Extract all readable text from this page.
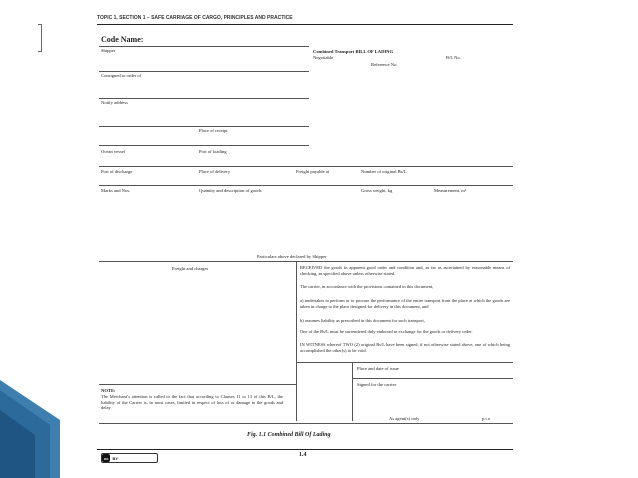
TOPIC 1, SECTION 1 – SAFE CARRIAGE OF CARGO, PRINCIPLES AND PRACTICE
Code Name:
Shipper	Combined Transport BILL OF LADING
Negotiable	B/L No.
Reference No.
Consigned to order of
Notify address
Place of receipt
Ocean vessel	Port of loading
Port of discharge	Place of delivery	Freight payable at	Number of original Bs/L
Marks and Nos.	Quantity and description of goods	Gross weight, kg	Measurement, m³
Particulars above declared by Shipper
Freight and charges	RECEIVED the goods in apparent good order and condition and, as far as ascertained by reasonable means of checking, as specified above unless otherwise stated.
The carrier, in accordance with the provisions contained in this document,
a) undertakes to perform or to procure the performance of the entire transport from the place at which the goods are taken in charge to the place designed for delivery in this document, and
b) assumes liability as prescribed in this document for such transport,
One of the Bs/L must be surrendered duly endorsed in exchange for the goods or delivery order.
IN WITNESS whereof TWO (2) original Bs/L have been signed, if not otherwise stated above, one of which being accomplished the other(s) to be void.
Place and date of issue
Signed for the carrier
NOTE:
The Merchant’s attention is called to the fact that according to Clauses 11 to 13 of this B/L, the liability of the Carrier is, in most cases, limited in respect of loss of or damage to the goods and delay.
As agent(s) only	p.t.o
Fig. 1.1 Combined Bill Of Lading
cc	BY	1.4
